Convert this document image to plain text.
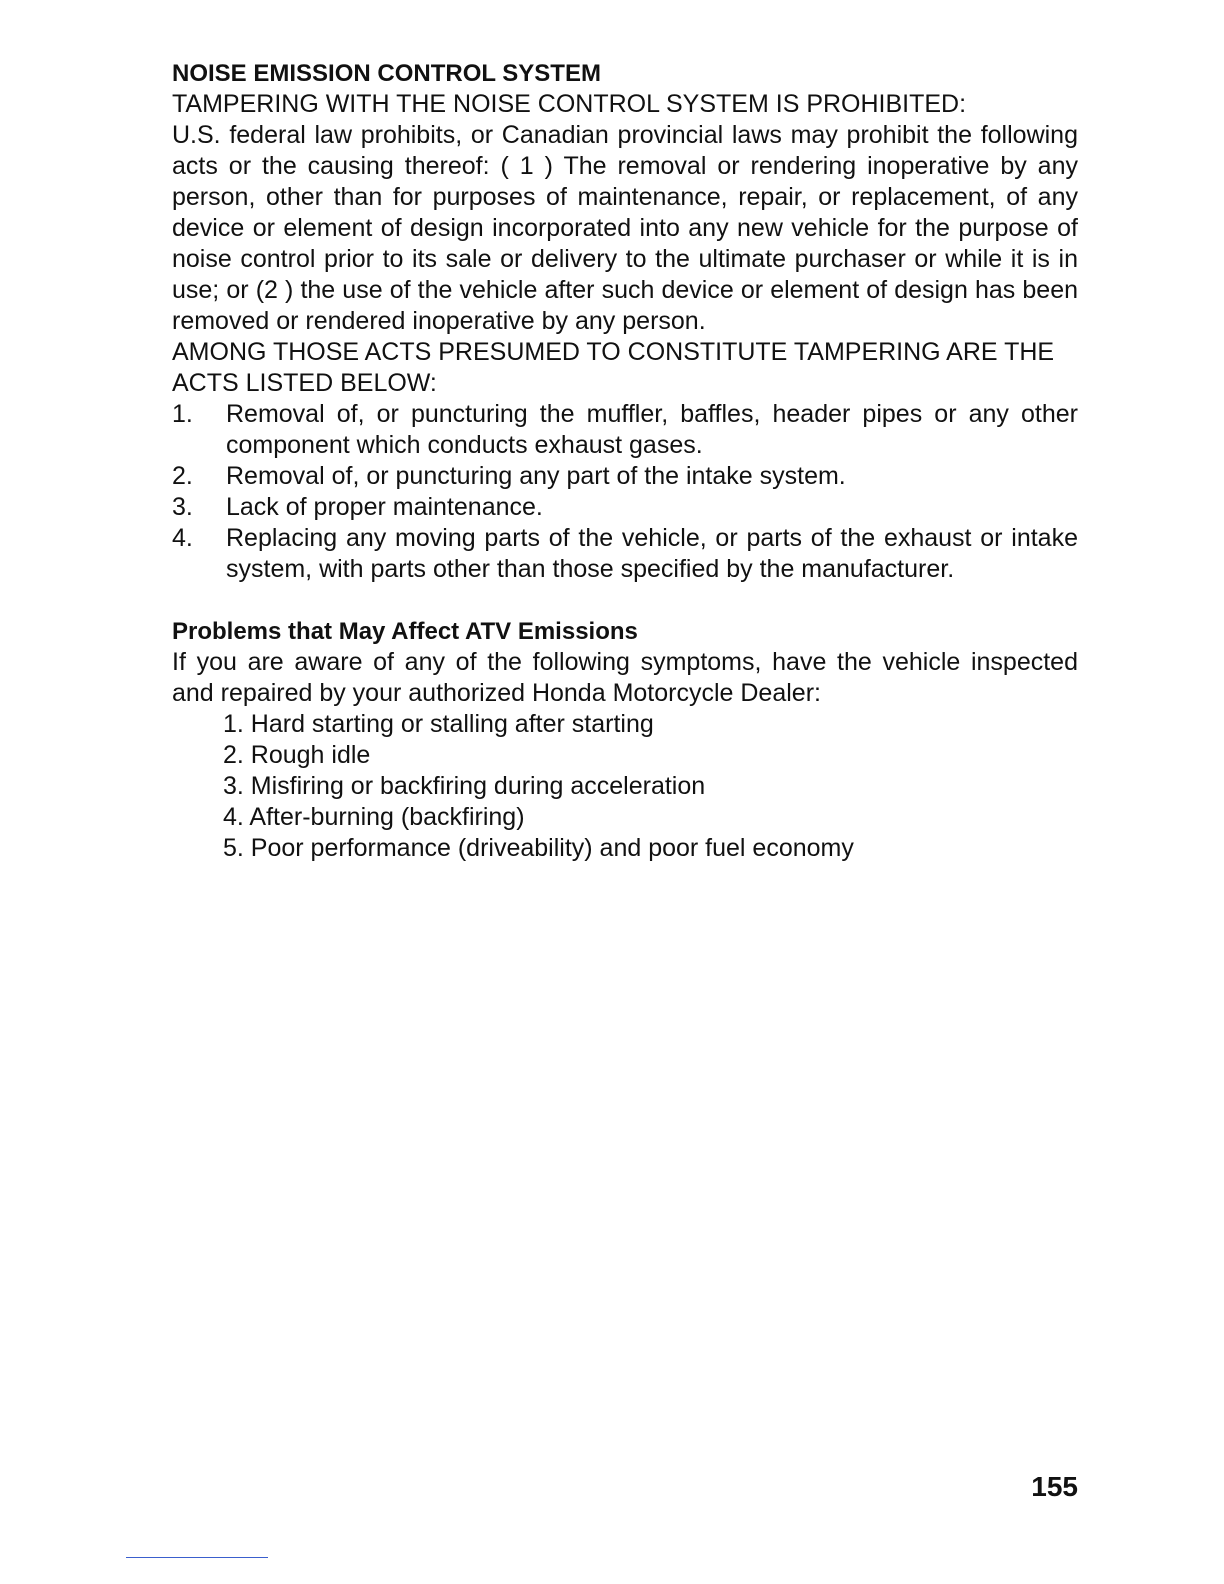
NOISE EMISSION CONTROL SYSTEM

TAMPERING WITH THE NOISE CONTROL SYSTEM IS PROHIBITED:

U.S. federal law prohibits, or Canadian provincial laws may prohibit the following acts or the causing thereof: ( 1 ) The removal or rendering inoperative by any person, other than for purposes of maintenance, repair, or replacement, of any device or element of design incorporated into any new vehicle for the purpose of noise control prior to its sale or delivery to the ultimate purchaser or while it is in use; or (2 ) the use of the vehicle after such device or element of design has been removed or rendered inoperative by any person.

AMONG THOSE ACTS PRESUMED TO CONSTITUTE TAMPERING ARE THE ACTS LISTED BELOW:

1.	Removal of, or puncturing the muffler, baffles, header pipes or any other component which conducts exhaust gases.
2.	Removal of, or puncturing any part of the intake system.
3.	Lack of proper maintenance.
4.	Replacing any moving parts of the vehicle, or parts of the exhaust or intake system, with parts other than those specified by the manufacturer.
Problems that May Affect ATV Emissions

If you are aware of any of the following symptoms, have the vehicle inspected and repaired by your authorized Honda Motorcycle Dealer:

1. Hard starting or stalling after starting
2. Rough idle
3. Misfiring or backfiring during acceleration
4. After-burning (backfiring)
5. Poor performance (driveability) and poor fuel economy
155
